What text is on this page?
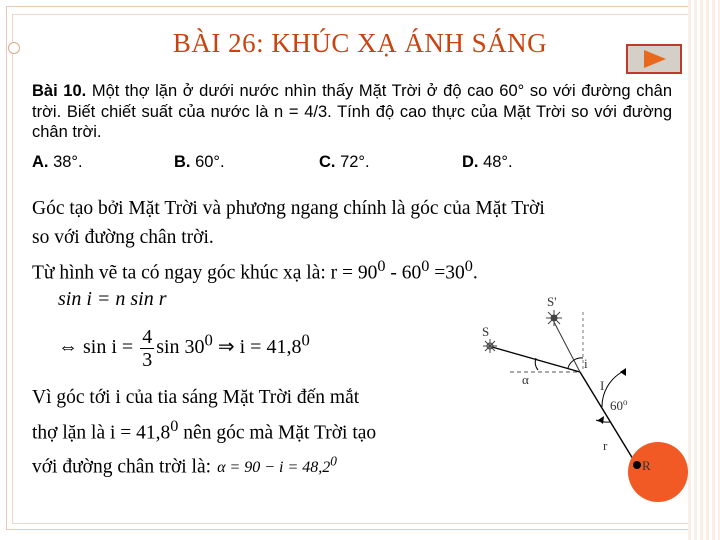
BÀI 26: KHÚC XẠ ÁNH SÁNG
Bài 10. Một thợ lặn ở dưới nước nhìn thấy Mặt Trời ở độ cao 60° so với đường chân trời. Biết chiết suất của nước là n = 4/3. Tính độ cao thực của Mặt Trời so với đường chân trời.
A. 38°.	B. 60°.	C. 72°.	D. 48°.
Góc tạo bởi Mặt Trời và phương ngang chính là góc của Mặt Trời
so với đường chân trời.
Từ hình vẽ ta có ngay góc khúc xạ là: $r = 90^0 - 60^0 =30^0$.
sin i = n sin r
⇔ $\sin i = \frac{4}{3}$ $\sin 30^0$ ⇒ $i = 41,8^0$
Vì góc tới i của tia sáng Mặt Trời đến mắt
thợ lặn là $i = 41,8^0$ nên góc mà Mặt Trời tạo
với đường chân trời là: $\alpha = 90 - i = 48,2^0$
S'
S
α
i
I
60$^o$
r
R
